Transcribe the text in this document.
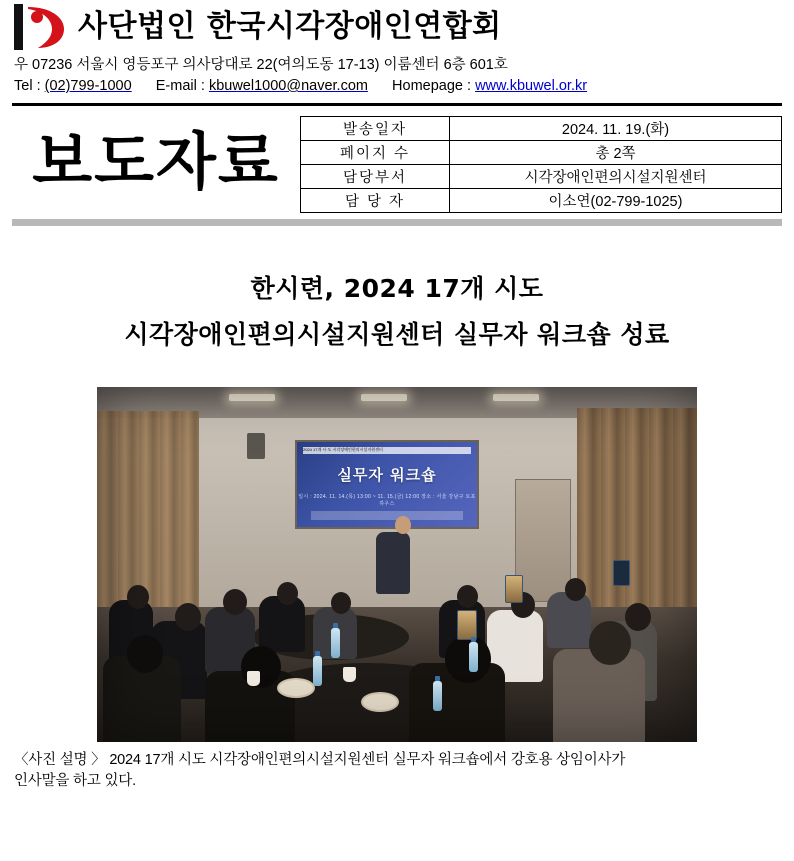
사단법인 한국시각장애인연합회
우 07236 서울시 영등포구 의사당대로 22(여의도동 17-13) 이룸센터 6층 601호
Tel : (02)799-1000 E-mail : kbuwel1000@naver.com Homepage : www.kbuwel.or.kr
보도자료	발송일자	2024. 11. 19.(화)
페이지 수	총 2쪽
담당부서	시각장애인편의시설지원센터
담 당 자	이소연(02-799-1025)
한시련, 2024 17개 시도
시각장애인편의시설지원센터 실무자 워크숍 성료
2024 17개 시·도 시각장애인편의시설지원센터
실무자 워크숍
일시 : 2024. 11. 14.(목) 13:00 ~ 11. 15.(금) 12:00 장소 : 서울 강남구 토포하우스
〈사진 설명 〉 2024 17개 시도 시각장애인편의시설지원센터 실무자 워크숍에서 강호용 상임이사가
인사말을 하고 있다.
